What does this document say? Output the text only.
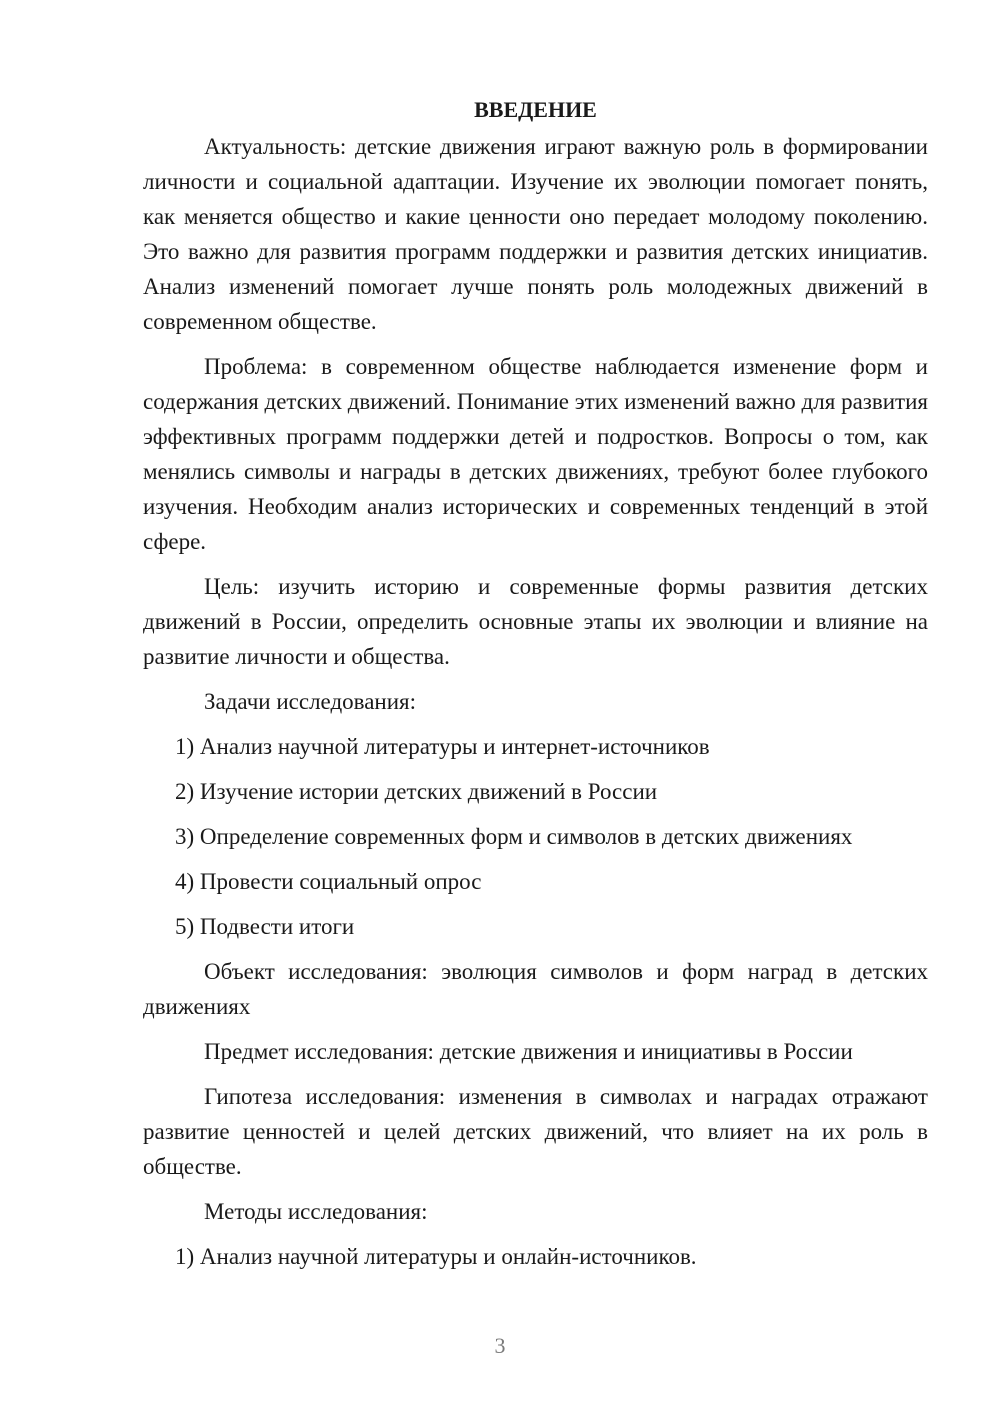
ВВЕДЕНИЕ

Актуальность: детские движения играют важную роль в формировании личности и социальной адаптации. Изучение их эволюции помогает понять, как меняется общество и какие ценности оно передает молодому поколению. Это важно для развития программ поддержки и развития детских инициатив. Анализ изменений помогает лучше понять роль молодежных движений в современном обществе.

Проблема: в современном обществе наблюдается изменение форм и содержания детских движений. Понимание этих изменений важно для развития эффективных программ поддержки детей и подростков. Вопросы о том, как менялись символы и награды в детских движениях, требуют более глубокого изучения. Необходим анализ исторических и современных тенденций в этой сфере.

Цель: изучить историю и современные формы развития детских движений в России, определить основные этапы их эволюции и влияние на развитие личности и общества.

Задачи исследования:

1) Анализ научной литературы и интернет-источников

2) Изучение истории детских движений в России

3) Определение современных форм и символов в детских движениях

4) Провести социальный опрос

5) Подвести итоги

Объект исследования: эволюция символов и форм наград в детских движениях

Предмет исследования: детские движения и инициативы в России

Гипотеза исследования: изменения в символах и наградах отражают развитие ценностей и целей детских движений, что влияет на их роль в обществе.

Методы исследования:

1) Анализ научной литературы и онлайн-источников.

3
